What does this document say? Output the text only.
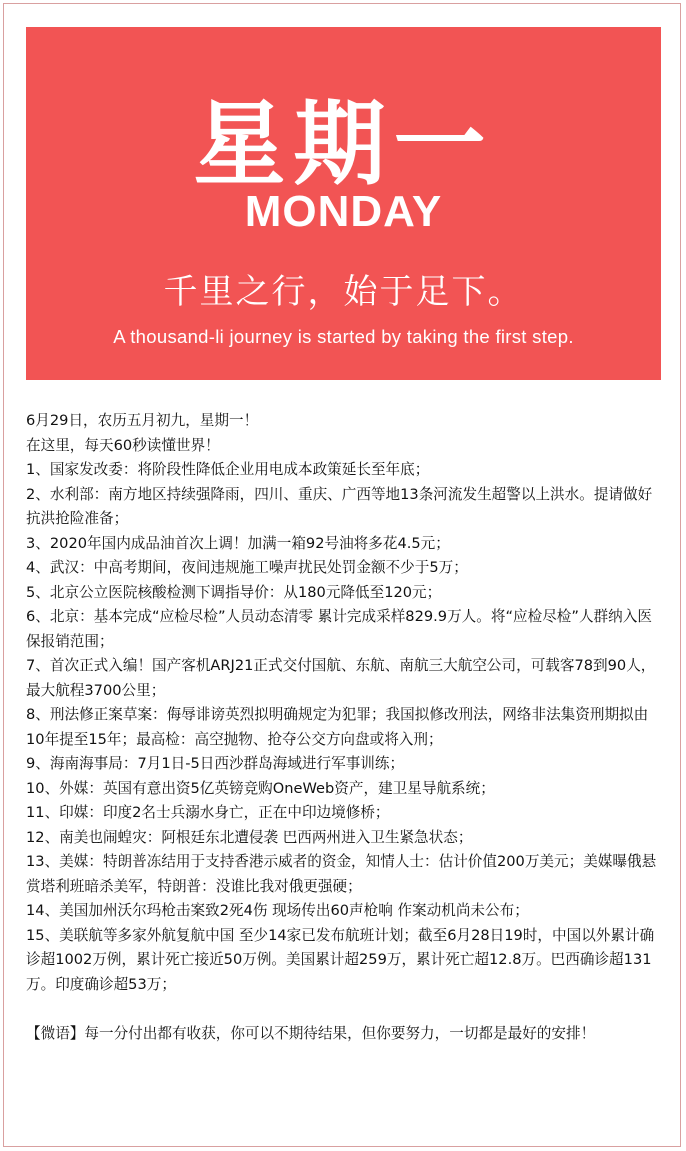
星期一
MONDAY
千里之行，始于足下。
A thousand-li journey is started by taking the first step.

6月29日，农历五月初九，星期一！

在这里，每天60秒读懂世界！

1、国家发改委：将阶段性降低企业用电成本政策延长至年底；

2、水利部：南方地区持续强降雨，四川、重庆、广西等地13条河流发生超警以上洪水。提请做好抗洪抢险准备；

3、2020年国内成品油首次上调！加满一箱92号油将多花4.5元；

4、武汉：中高考期间，夜间违规施工噪声扰民处罚金额不少于5万；

5、北京公立医院核酸检测下调指导价：从180元降低至120元；

6、北京：基本完成“应检尽检”人员动态清零 累计完成采样829.9万人。将“应检尽检”人群纳入医保报销范围；

7、首次正式入编！国产客机ARJ21正式交付国航、东航、南航三大航空公司，可载客78到90人，最大航程3700公里；

8、刑法修正案草案：侮辱诽谤英烈拟明确规定为犯罪；我国拟修改刑法，网络非法集资刑期拟由10年提至15年；最高检：高空抛物、抢夺公交方向盘或将入刑；

9、海南海事局：7月1日-5日西沙群岛海域进行军事训练；

10、外媒：英国有意出资5亿英镑竞购OneWeb资产，建卫星导航系统；

11、印媒：印度2名士兵溺水身亡，正在中印边境修桥；

12、南美也闹蝗灾：阿根廷东北遭侵袭 巴西两州进入卫生紧急状态；

13、美媒：特朗普冻结用于支持香港示威者的资金，知情人士：估计价值200万美元；美媒曝俄悬赏塔利班暗杀美军，特朗普：没谁比我对俄更强硬；

14、美国加州沃尔玛枪击案致2死4伤 现场传出60声枪响 作案动机尚未公布；

15、美联航等多家外航复航中国 至少14家已发布航班计划；截至6月28日19时，中国以外累计确诊超1002万例，累计死亡接近50万例。美国累计超259万，累计死亡超12.8万。巴西确诊超131万。印度确诊超53万；

【微语】每一分付出都有收获，你可以不期待结果，但你要努力，一切都是最好的安排！
